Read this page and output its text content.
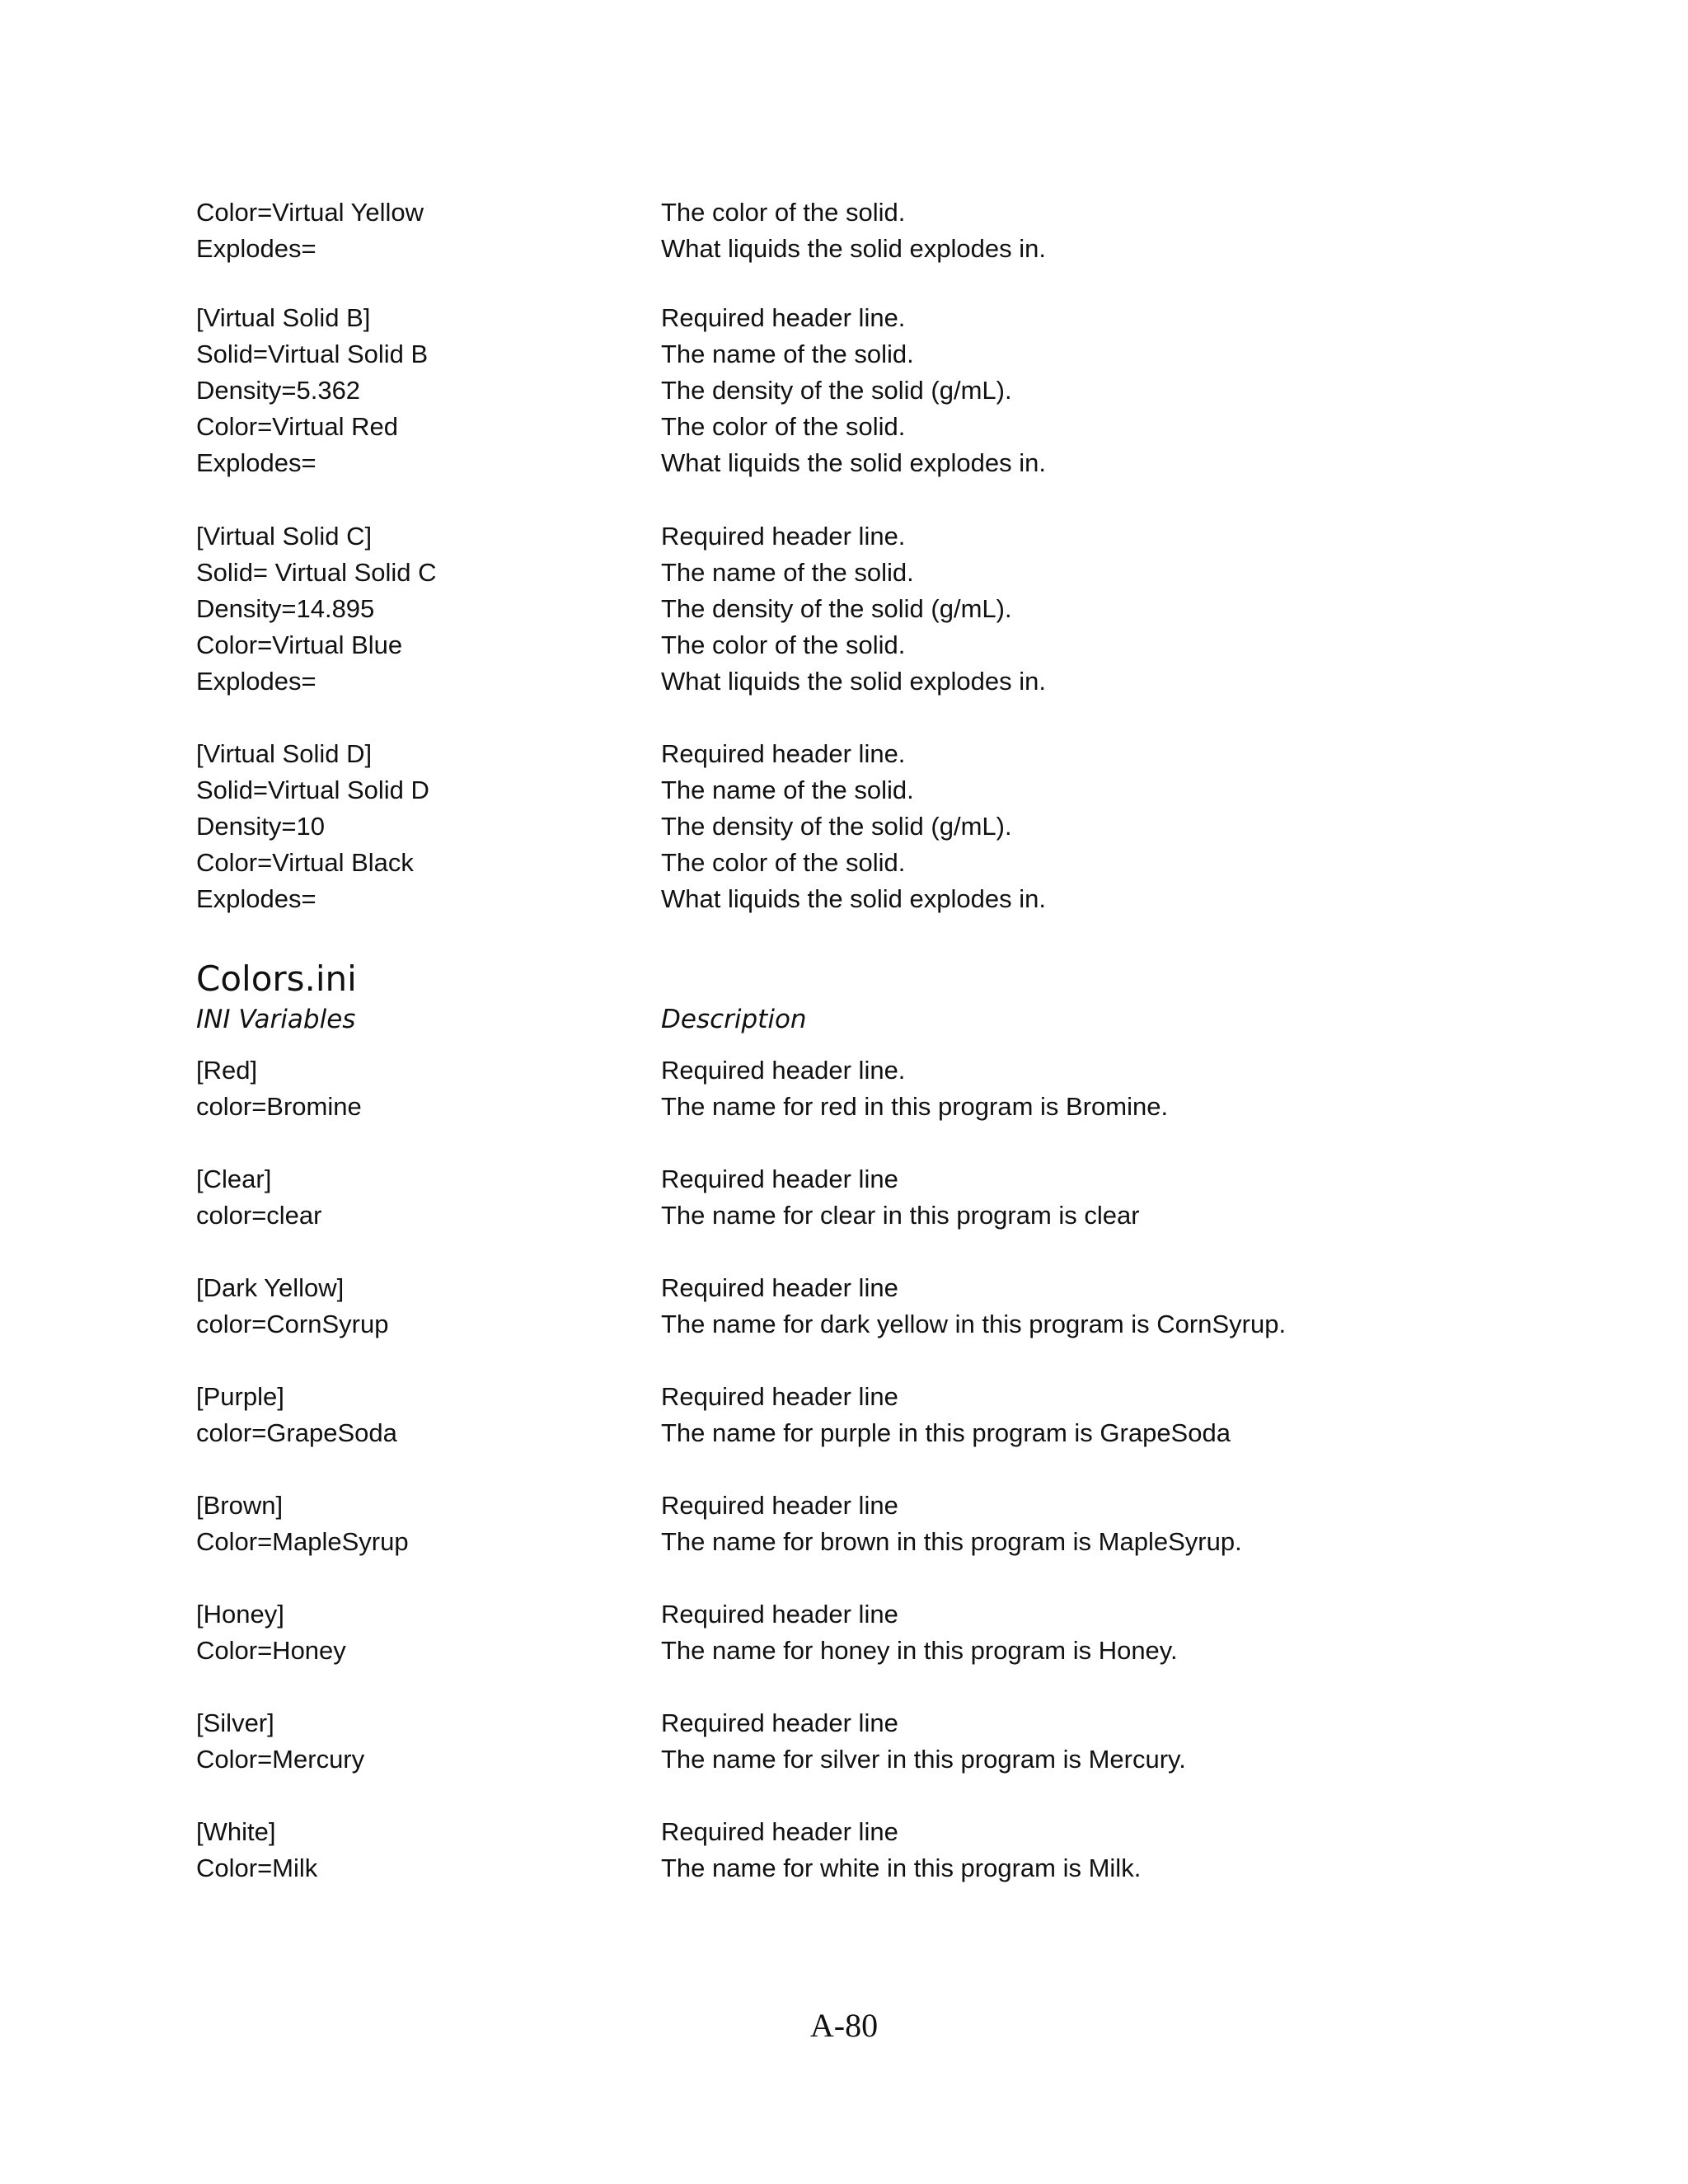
Color=Virtual Yellow	The color of the solid.
Explodes=	What liquids the solid explodes in.
[Virtual Solid B]	Required header line.
Solid=Virtual Solid B	The name of the solid.
Density=5.362	The density of the solid (g/mL).
Color=Virtual Red	The color of the solid.
Explodes=	What liquids the solid explodes in.
[Virtual Solid C]	Required header line.
Solid= Virtual Solid C	The name of the solid.
Density=14.895	The density of the solid (g/mL).
Color=Virtual Blue	The color of the solid.
Explodes=	What liquids the solid explodes in.
[Virtual Solid D]	Required header line.
Solid=Virtual Solid D	The name of the solid.
Density=10	The density of the solid (g/mL).
Color=Virtual Black	The color of the solid.
Explodes=	What liquids the solid explodes in.
Colors.ini
INI Variables	Description
[Red]	Required header line.
color=Bromine	The name for red in this program is Bromine.
[Clear]	Required header line
color=clear	The name for clear in this program is clear
[Dark Yellow]	Required header line
color=CornSyrup	The name for dark yellow in this program is CornSyrup.
[Purple]	Required header line
color=GrapeSoda	The name for purple in this program is GrapeSoda
[Brown]	Required header line
Color=MapleSyrup	The name for brown in this program is MapleSyrup.
[Honey]	Required header line
Color=Honey	The name for honey in this program is Honey.
[Silver]	Required header line
Color=Mercury	The name for silver in this program is Mercury.
[White]	Required header line
Color=Milk	The name for white in this program is Milk.
A-80
